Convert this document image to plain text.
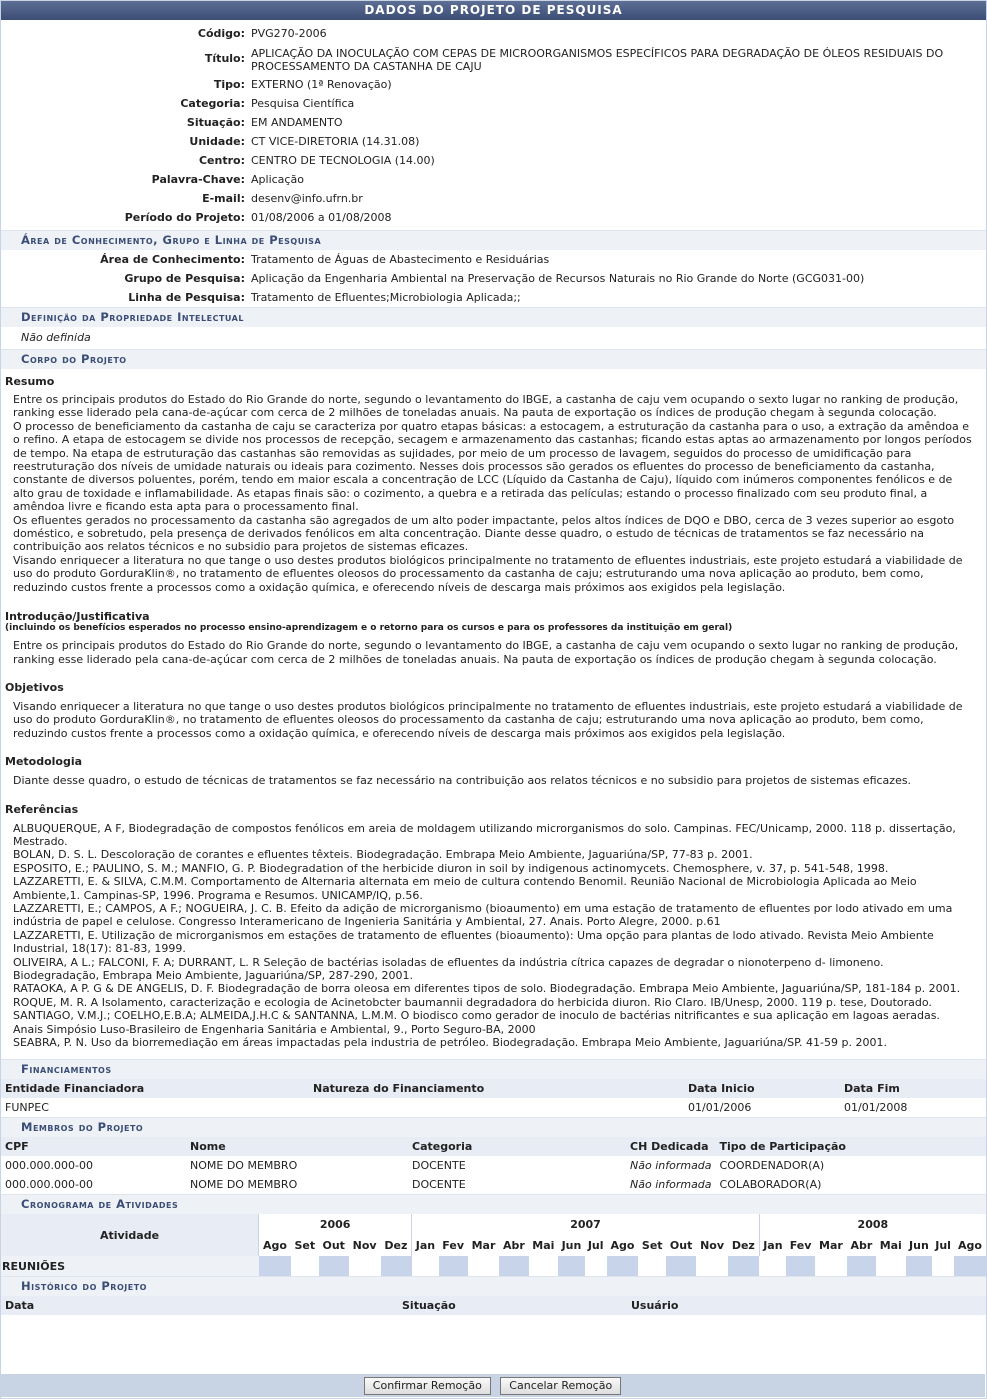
DADOS DO PROJETO DE PESQUISA
Código: PVG270-2006
Título: APLICAÇÃO DA INOCULAÇÃO COM CEPAS DE MICROORGANISMOS ESPECÍFICOS PARA DEGRADAÇÃO DE ÓLEOS RESIDUAIS DO PROCESSAMENTO DA CASTANHA DE CAJU
Tipo: EXTERNO (1ª Renovação)
Categoria: Pesquisa Científica
Situação: EM ANDAMENTO
Unidade: CT VICE-DIRETORIA (14.31.08)
Centro: CENTRO DE TECNOLOGIA (14.00)
Palavra-Chave: Aplicação
E-mail: desenv@info.ufrn.br
Período do Projeto: 01/08/2006 a 01/08/2008
Área de Conhecimento, Grupo e Linha de Pesquisa
Área de Conhecimento: Tratamento de Águas de Abastecimento e Residuárias
Grupo de Pesquisa: Aplicação da Engenharia Ambiental na Preservação de Recursos Naturais no Rio Grande do Norte (GCG031-00)
Linha de Pesquisa: Tratamento de Efluentes;Microbiologia Aplicada;;
Definição da Propriedade Intelectual
Não definida
Corpo do Projeto
Resumo
Entre os principais produtos do Estado do Rio Grande do norte, segundo o levantamento do IBGE, a castanha de caju vem ocupando o sexto lugar no ranking de produção, ranking esse liderado pela cana-de-açúcar com cerca de 2 milhões de toneladas anuais. Na pauta de exportação os índices de produção chegam à segunda colocação.
O processo de beneficiamento da castanha de caju se caracteriza por quatro etapas básicas: a estocagem, a estruturação da castanha para o uso, a extração da amêndoa e o refino. A etapa de estocagem se divide nos processos de recepção, secagem e armazenamento das castanhas; ficando estas aptas ao armazenamento por longos períodos de tempo. Na etapa de estruturação das castanhas são removidas as sujidades, por meio de um processo de lavagem, seguidos do processo de umidificação para reestruturação dos níveis de umidade naturais ou ideais para cozimento. Nesses dois processos são gerados os efluentes do processo de beneficiamento da castanha, constante de diversos poluentes, porém, tendo em maior escala a concentração de LCC (Líquido da Castanha de Caju), líquido com inúmeros componentes fenólicos e de alto grau de toxidade e inflamabilidade. As etapas finais são: o cozimento, a quebra e a retirada das películas; estando o processo finalizado com seu produto final, a amêndoa livre e ficando esta apta para o processamento final.
Os efluentes gerados no processamento da castanha são agregados de um alto poder impactante, pelos altos índices de DQO e DBO, cerca de 3 vezes superior ao esgoto doméstico, e sobretudo, pela presença de derivados fenólicos em alta concentração. Diante desse quadro, o estudo de técnicas de tratamentos se faz necessário na contribuição aos relatos técnicos e no subsidio para projetos de sistemas eficazes.
Visando enriquecer a literatura no que tange o uso destes produtos biológicos principalmente no tratamento de efluentes industriais, este projeto estudará a viabilidade de uso do produto GorduraKlin®, no tratamento de efluentes oleosos do processamento da castanha de caju; estruturando uma nova aplicação ao produto, bem como, reduzindo custos frente a processos como a oxidação química, e oferecendo níveis de descarga mais próximos aos exigidos pela legislação.
Introdução/Justificativa
(incluindo os benefícios esperados no processo ensino-aprendizagem e o retorno para os cursos e para os professores da instituição em geral)
Entre os principais produtos do Estado do Rio Grande do norte, segundo o levantamento do IBGE, a castanha de caju vem ocupando o sexto lugar no ranking de produção, ranking esse liderado pela cana-de-açúcar com cerca de 2 milhões de toneladas anuais. Na pauta de exportação os índices de produção chegam à segunda colocação.
Objetivos
Visando enriquecer a literatura no que tange o uso destes produtos biológicos principalmente no tratamento de efluentes industriais, este projeto estudará a viabilidade de uso do produto GorduraKlin®, no tratamento de efluentes oleosos do processamento da castanha de caju; estruturando uma nova aplicação ao produto, bem como, reduzindo custos frente a processos como a oxidação química, e oferecendo níveis de descarga mais próximos aos exigidos pela legislação.
Metodologia
Diante desse quadro, o estudo de técnicas de tratamentos se faz necessário na contribuição aos relatos técnicos e no subsidio para projetos de sistemas eficazes.
Referências
ALBUQUERQUE, A F, Biodegradação de compostos fenólicos em areia de moldagem utilizando microrganismos do solo. Campinas. FEC/Unicamp, 2000. 118 p. dissertação, Mestrado.
BOLAN, D. S. L. Descoloração de corantes e efluentes têxteis. Biodegradação. Embrapa Meio Ambiente, Jaguariúna/SP, 77-83 p. 2001.
ESPOSITO, E.; PAULINO, S. M.; MANFIO, G. P. Biodegradation of the herbicide diuron in soil by indigenous actinomycets. Chemosphere, v. 37, p. 541-548, 1998.
LAZZARETTI, E. & SILVA, C.M.M. Comportamento de Alternaria alternata em meio de cultura contendo Benomil. Reunião Nacional de Microbiologia Aplicada ao Meio Ambiente,1. Campinas-SP, 1996. Programa e Resumos. UNICAMP/IQ, p.56.
LAZZARETTI, E.; CAMPOS, A F.; NOGUEIRA, J. C. B. Efeito da adição de microrganismo (bioaumento) em uma estação de tratamento de efluentes por lodo ativado em uma indústria de papel e celulose. Congresso Interamericano de Ingenieria Sanitária y Ambiental, 27. Anais. Porto Alegre, 2000. p.61
LAZZARETTI, E. Utilização de microrganismos em estações de tratamento de efluentes (bioaumento): Uma opção para plantas de lodo ativado. Revista Meio Ambiente Industrial, 18(17): 81-83, 1999.
OLIVEIRA, A L.; FALCONI, F. A; DURRANT, L. R Seleção de bactérias isoladas de efluentes da indústria cítrica capazes de degradar o nionoterpeno d- limoneno. Biodegradação, Embrapa Meio Ambiente, Jaguariúna/SP, 287-290, 2001.
RATAOKA, A P. G & DE ANGELIS, D. F. Biodegradação de borra oleosa em diferentes tipos de solo. Biodegradação. Embrapa Meio Ambiente, Jaguariúna/SP, 181-184 p. 2001.
ROQUE, M. R. A Isolamento, caracterização e ecologia de Acinetobcter baumannii degradadora do herbicida diuron. Rio Claro. IB/Unesp, 2000. 119 p. tese, Doutorado.
SANTIAGO, V.M.J.; COELHO,E.B.A; ALMEIDA,J.H.C & SANTANNA, L.M.M. O biodisco como gerador de inoculo de bactérias nitrificantes e sua aplicação em lagoas aeradas. Anais Simpósio Luso-Brasileiro de Engenharia Sanitária e Ambiental, 9., Porto Seguro-BA, 2000
SEABRA, P. N. Uso da biorremediação em áreas impactadas pela industria de petróleo. Biodegradação. Embrapa Meio Ambiente, Jaguariúna/SP. 41-59 p. 2001.
Financiamentos
Entidade Financiadora	Natureza do Financiamento	Data Inicio	Data Fim
FUNPEC		01/01/2006	01/01/2008
Membros do Projeto
CPF	Nome	Categoria	CH Dedicada	Tipo de Participação
000.000.000-00	NOME DO MEMBRO	DOCENTE	Não informada	COORDENADOR(A)
000.000.000-00	NOME DO MEMBRO	DOCENTE	Não informada	COLABORADOR(A)
Cronograma de Atividades
Atividade	2006					2007												2008							
	Ago	Set	Out	Nov	Dez	Jan	Fev	Mar	Abr	Mai	Jun	Jul	Ago	Set	Out	Nov	Dez	Jan	Fev	Mar	Abr	Mai	Jun	Jul	Ago
REUNIÕES																									
Histórico do Projeto
Data	Situação	Usuário
Confirmar Remoção	Cancelar Remoção
